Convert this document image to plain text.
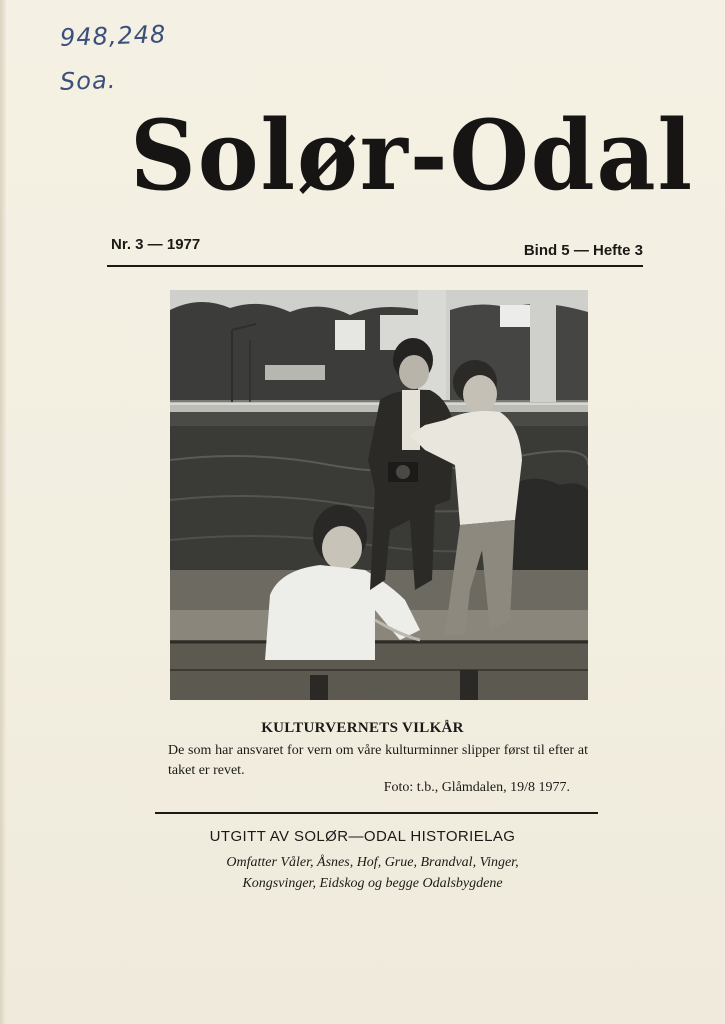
948,248
Soa.
Solør-Odal
Nr. 3 — 1977	Bind 5 — Hefte 3
KULTURVERNETS VILKÅR
De som har ansvaret for vern om våre kulturminner slipper først til efter at taket er revet.
Foto: t.b., Glåmdalen, 19/8 1977.
UTGITT AV SOLØR—ODAL HISTORIELAG
Omfatter Våler, Åsnes, Hof, Grue, Brandval, Vinger,
Kongsvinger, Eidskog og begge Odalsbygdene
